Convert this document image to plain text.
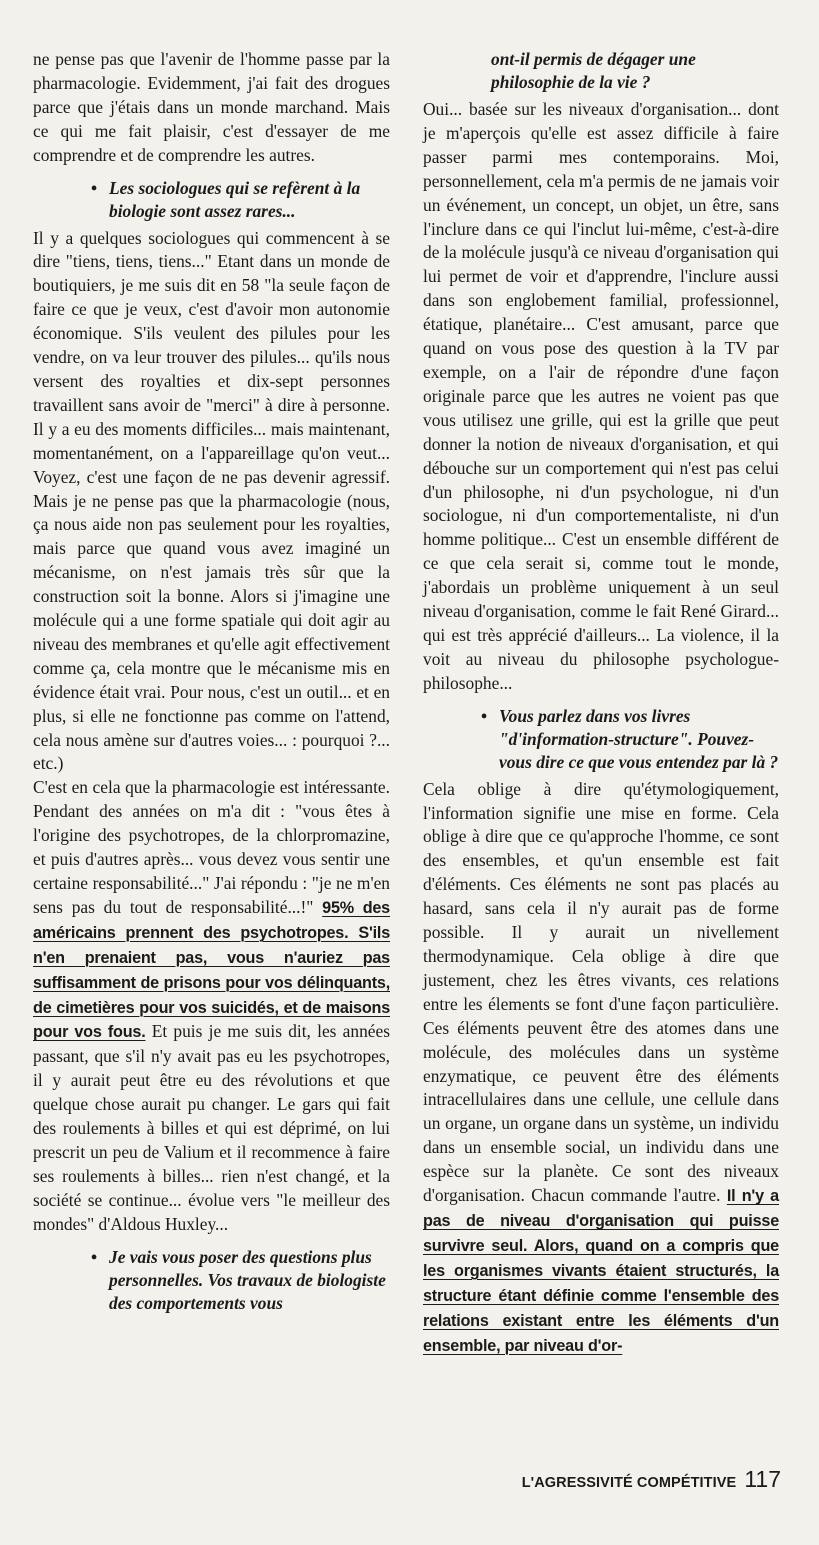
ne pense pas que l'avenir de l'homme passe par la pharmacologie. Evidemment, j'ai fait des drogues parce que j'étais dans un monde marchand. Mais ce qui me fait plaisir, c'est d'essayer de me comprendre et de comprendre les autres.

• Les sociologues qui se refèrent à la biologie sont assez rares...

Il y a quelques sociologues qui commencent à se dire "tiens, tiens, tiens..." Etant dans un monde de boutiquiers, je me suis dit en 58 "la seule façon de faire ce que je veux, c'est d'avoir mon autonomie économique. S'ils veulent des pilules pour les vendre, on va leur trouver des pilules... qu'ils nous versent des royalties et dix-sept personnes travaillent sans avoir de "merci" à dire à personne. Il y a eu des moments difficiles... mais maintenant, momentanément, on a l'appareillage qu'on veut... Voyez, c'est une façon de ne pas devenir agressif. Mais je ne pense pas que la pharmacologie (nous, ça nous aide non pas seulement pour les royalties, mais parce que quand vous avez imaginé un mécanisme, on n'est jamais très sûr que la construction soit la bonne. Alors si j'imagine une molécule qui a une forme spatiale qui doit agir au niveau des membranes et qu'elle agit effectivement comme ça, cela montre que le mécanisme mis en évidence était vrai. Pour nous, c'est un outil... et en plus, si elle ne fonctionne pas comme on l'attend, cela nous amène sur d'autres voies... : pourquoi ?... etc.)

C'est en cela que la pharmacologie est intéressante. Pendant des années on m'a dit : "vous êtes à l'origine des psychotropes, de la chlorpromazine, et puis d'autres après... vous devez vous sentir une certaine responsabilité..." J'ai répondu : "je ne m'en sens pas du tout de responsabilité...!" 95% des américains prennent des psychotropes. S'ils n'en prenaient pas, vous n'auriez pas suffisamment de prisons pour vos délinquants, de cimetières pour vos suicidés, et de maisons pour vos fous. Et puis je me suis dit, les années passant, que s'il n'y avait pas eu les psychotropes, il y aurait peut être eu des révolutions et que quelque chose aurait pu changer. Le gars qui fait des roulements à billes et qui est déprimé, on lui prescrit un peu de Valium et il recommence à faire ses roulements à billes... rien n'est changé, et la société se continue... évolue vers "le meilleur des mondes" d'Aldous Huxley...

• Je vais vous poser des questions plus personnelles. Vos travaux de biologiste des comportements vous
ont-il permis de dégager une philosophie de la vie ?

Oui... basée sur les niveaux d'organisation... dont je m'aperçois qu'elle est assez difficile à faire passer parmi mes contemporains. Moi, personnellement, cela m'a permis de ne jamais voir un événement, un concept, un objet, un être, sans l'inclure dans ce qui l'inclut lui-même, c'est-à-dire de la molécule jusqu'à ce niveau d'organisation qui lui permet de voir et d'apprendre, l'inclure aussi dans son englobement familial, professionnel, étatique, planétaire... C'est amusant, parce que quand on vous pose des question à la TV par exemple, on a l'air de répondre d'une façon originale parce que les autres ne voient pas que vous utilisez une grille, qui est la grille que peut donner la notion de niveaux d'organisation, et qui débouche sur un comportement qui n'est pas celui d'un philosophe, ni d'un psychologue, ni d'un sociologue, ni d'un comportementaliste, ni d'un homme politique... C'est un ensemble différent de ce que cela serait si, comme tout le monde, j'abordais un problème uniquement à un seul niveau d'organisation, comme le fait René Girard... qui est très apprécié d'ailleurs... La violence, il la voit au niveau du philosophe psychologue-philosophe...

• Vous parlez dans vos livres "d'information-structure". Pouvez-vous dire ce que vous entendez par là ?

Cela oblige à dire qu'étymologiquement, l'information signifie une mise en forme. Cela oblige à dire que ce qu'approche l'homme, ce sont des ensembles, et qu'un ensemble est fait d'éléments. Ces éléments ne sont pas placés au hasard, sans cela il n'y aurait pas de forme possible. Il y aurait un nivellement thermodynamique. Cela oblige à dire que justement, chez les êtres vivants, ces relations entre les élements se font d'une façon particulière. Ces éléments peuvent être des atomes dans une molécule, des molécules dans un système enzymatique, ce peuvent être des éléments intracellulaires dans une cellule, une cellule dans un organe, un organe dans un système, un individu dans un ensemble social, un individu dans une espèce sur la planète. Ce sont des niveaux d'organisation. Chacun commande l'autre. Il n'y a pas de niveau d'organisation qui puisse survivre seul. Alors, quand on a compris que les organismes vivants étaient structurés, la structure étant définie comme l'ensemble des relations existant entre les éléments d'un ensemble, par niveau d'or-

L'AGRESSIVITÉ COMPÉTITIVE 117
